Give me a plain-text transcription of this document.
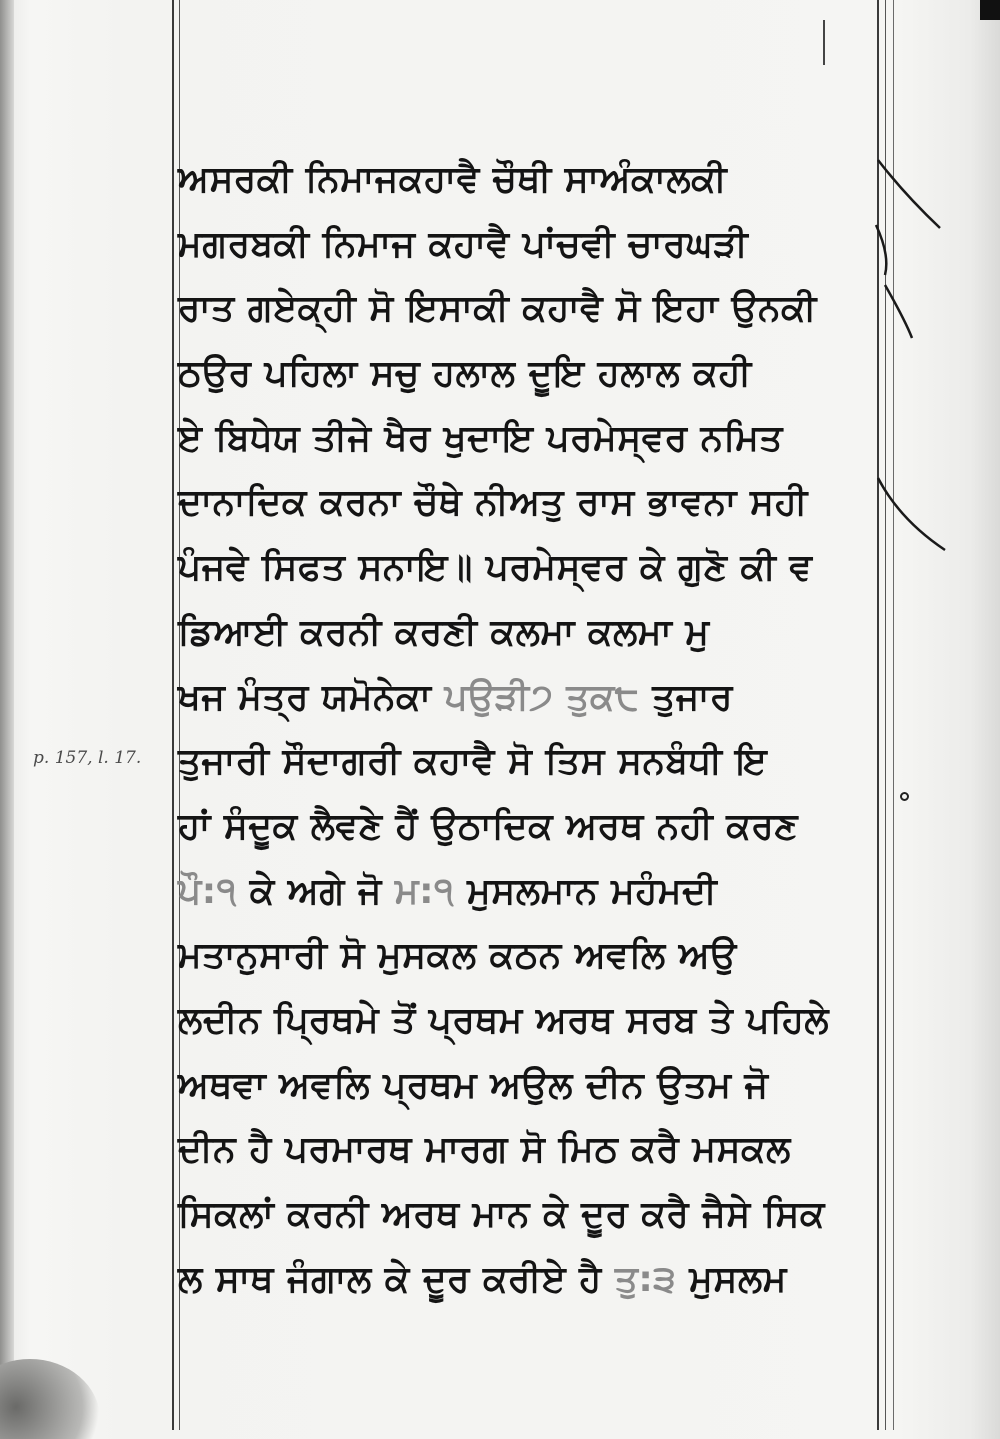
p. 157, l. 17.
ਅਸਰਕੀ ਨਿਮਾਜਕਹਾਵੈ ਚੌਥੀ ਸਾਅੰਕਾਲਕੀ
ਮਗਰਬਕੀ ਨਿਮਾਜ ਕਹਾਵੈ ਪਾਂਚਵੀ ਚਾਰਘੜੀ
ਰਾਤ ਗਏਕ੍ਹੀ ਸੋ ਇਸਾਕੀ ਕਹਾਵੈ ਸੋ ਇਹਾ ਉਨਕੀ
ਠਉਰ ਪਹਿਲਾ ਸਚੁ ਹਲਾਲ ਦੂਇ ਹਲਾਲ ਕਹੀ
ਏ ਬਿਧੇਯ ਤੀਜੇ ਖੈਰ ਖੁਦਾਇ ਪਰਮੇਸ੍ਵਰ ਨਮਿਤ
ਦਾਨਾਦਿਕ ਕਰਨਾ ਚੌਥੇ ਨੀਅਤੁ ਰਾਸ ਭਾਵਨਾ ਸਹੀ
ਪੰਜਵੇ ਸਿਫਤ ਸਨਾਇ॥ ਪਰਮੇਸ੍ਵਰ ਕੇ ਗੁਣੋ ਕੀ ਵ
ਡਿਆਈ ਕਰਨੀ ਕਰਣੀ ਕਲਮਾ ਕਲਮਾ ਮੁ
ਖਜ ਮੰਤ੍ਰ ਯਮੋਨੇਕਾ ਪਉੜੀ੭ ਤੁਕ੮ ਤੁਜਾਰ
ਤੁਜਾਰੀ ਸੌਦਾਗਰੀ ਕਹਾਵੈ ਸੋ ਤਿਸ ਸਨਬੰਧੀ ਇ
ਹਾਂ ਸੰਦੂਕ ਲੈਵਣੇ ਹੈਂ ਉਠਾਦਿਕ ਅਰਥ ਨਹੀ ਕਰਣ
ਪੌ:੧ ਕੇ ਅਗੇ ਜੋ ਮ:੧ ਮੁਸਲਮਾਨ ਮਹੰਮਦੀ
ਮਤਾਨੁਸਾਰੀ ਸੋ ਮੁਸਕਲ ਕਠਨ ਅਵਲਿ ਅਉ
ਲਦੀਨ ਪ੍ਰਿਥਮੇ ਤੋਂ ਪ੍ਰਥਮ ਅਰਥ ਸਰਬ ਤੇ ਪਹਿਲੇ
ਅਥਵਾ ਅਵਲਿ ਪ੍ਰਥਮ ਅਉਲ ਦੀਨ ਉਤਮ ਜੋ
ਦੀਨ ਹੈ ਪਰਮਾਰਥ ਮਾਰਗ ਸੋ ਮਿਠ ਕਰੈ ਮਸਕਲ
ਸਿਕਲਾਂ ਕਰਨੀ ਅਰਥ ਮਾਨ ਕੇ ਦੂਰ ਕਰੈ ਜੈਸੇ ਸਿਕ
ਲ ਸਾਥ ਜੰਗਾਲ ਕੇ ਦੂਰ ਕਰੀਏ ਹੈ ਤੁ:੩ ਮੁਸਲਮ
